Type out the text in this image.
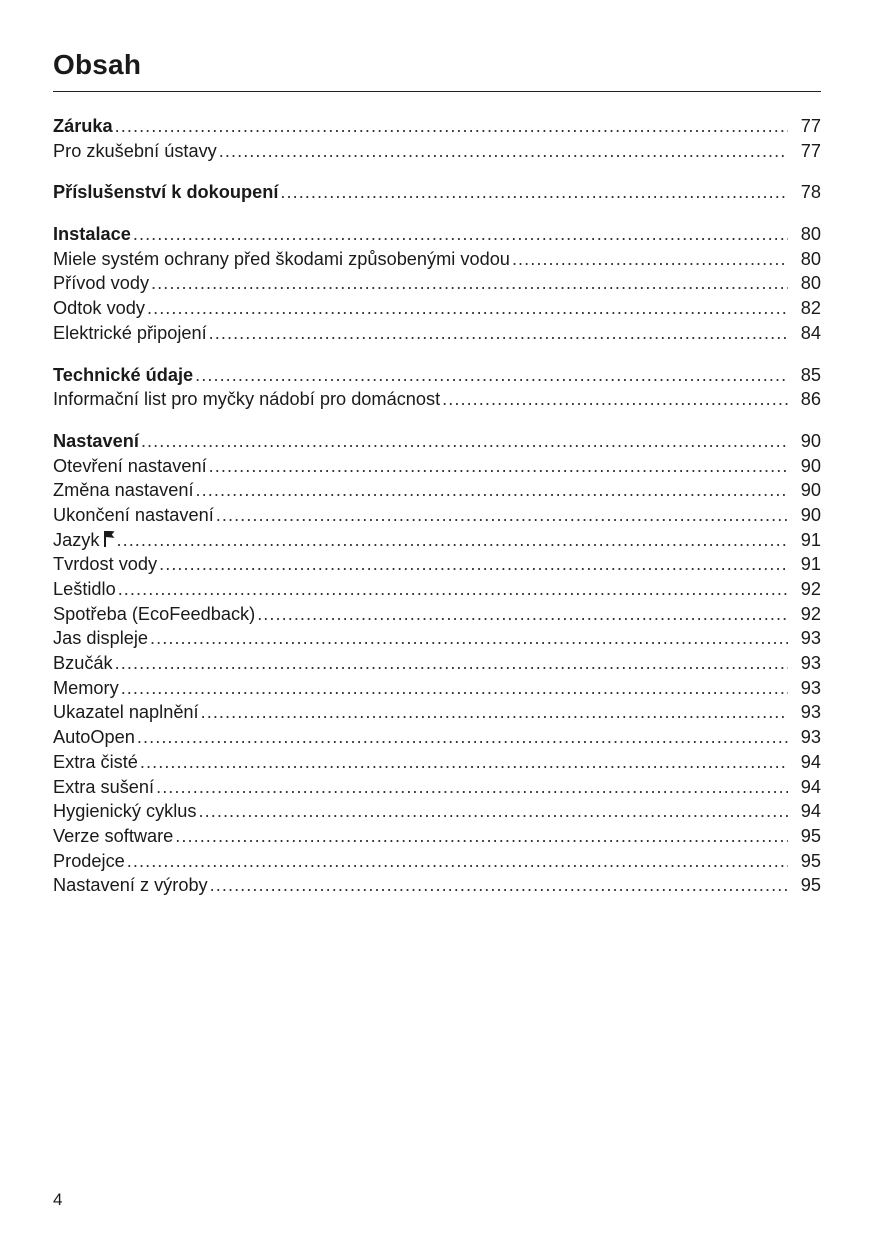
Obsah
Záruka .....	77
Pro zkušební ústavy .....	77
Příslušenství k dokoupení .....	78
Instalace .....	80
Miele systém ochrany před škodami způsobenými vodou .....	80
Přívod vody .....	80
Odtok vody .....	82
Elektrické připojení .....	84
Technické údaje .....	85
Informační list pro myčky nádobí pro domácnost .....	86
Nastavení .....	90
Otevření nastavení .....	90
Změna nastavení .....	90
Ukončení nastavení .....	90
Jazyk .....	91
Tvrdost vody .....	91
Leštidlo .....	92
Spotřeba (EcoFeedback) .....	92
Jas displeje .....	93
Bzučák .....	93
Memory .....	93
Ukazatel naplnění .....	93
AutoOpen .....	93
Extra čisté .....	94
Extra sušení .....	94
Hygienický cyklus .....	94
Verze software .....	95
Prodejce .....	95
Nastavení z výroby .....	95
4
